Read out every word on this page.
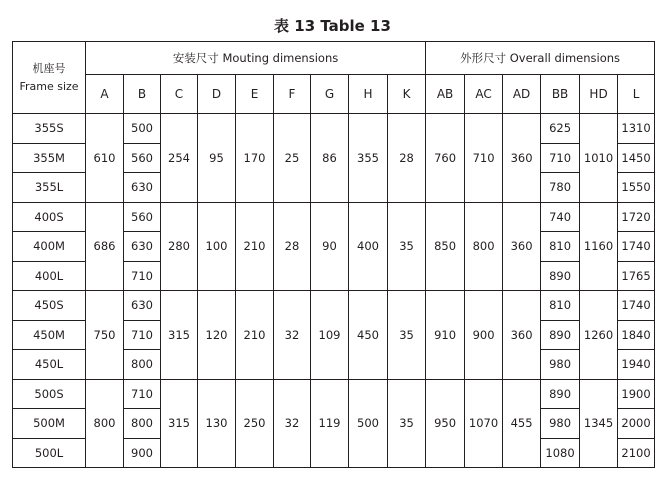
表 13 Table 13
机座号
Frame size	安装尺寸 Mouting dimensions									外形尺寸 Overall dimensions					
	A	B	C	D	E	F	G	H	K	AB	AC	AD	BB	HD	L
355S	610	500	254	95	170	25	86	355	28	760	710	360	625	1010	1310
355M		560											710		1450
355L		630											780		1550
400S	686	560	280	100	210	28	90	400	35	850	800	360	740	1160	1720
400M		630											810		1740
400L		710											890		1765
450S	750	630	315	120	210	32	109	450	35	910	900	360	810	1260	1740
450M		710											890		1840
450L		800											980		1940
500S	800	710	315	130	250	32	119	500	35	950	1070	455	890	1345	1900
500M		800											980		2000
500L		900											1080		2100
